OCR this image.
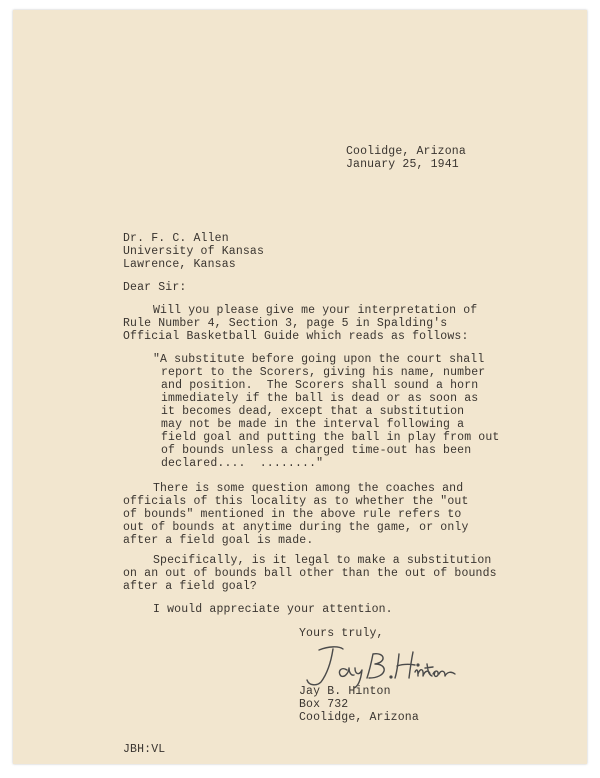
Coolidge, Arizona
January 25, 1941
Dr. F. C. Allen
University of Kansas
Lawrence, Kansas
Dear Sir:
Will you please give me your interpretation of
Rule Number 4, Section 3, page 5 in Spalding's
Official Basketball Guide which reads as follows:
"A substitute before going upon the court shall
report to the Scorers, giving his name, number
and position.  The Scorers shall sound a horn
immediately if the ball is dead or as soon as
it becomes dead, except that a substitution
may not be made in the interval following a
field goal and putting the ball in play from out
of bounds unless a charged time-out has been
declared....  ........"
There is some question among the coaches and
officials of this locality as to whether the "out
of bounds" mentioned in the above rule refers to
out of bounds at anytime during the game, or only
after a field goal is made.
Specifically, is it legal to make a substitution
on an out of bounds ball other than the out of bounds
after a field goal?
I would appreciate your attention.
Yours truly,
Jay B. Hinton
Box 732
Coolidge, Arizona
JBH:VL
